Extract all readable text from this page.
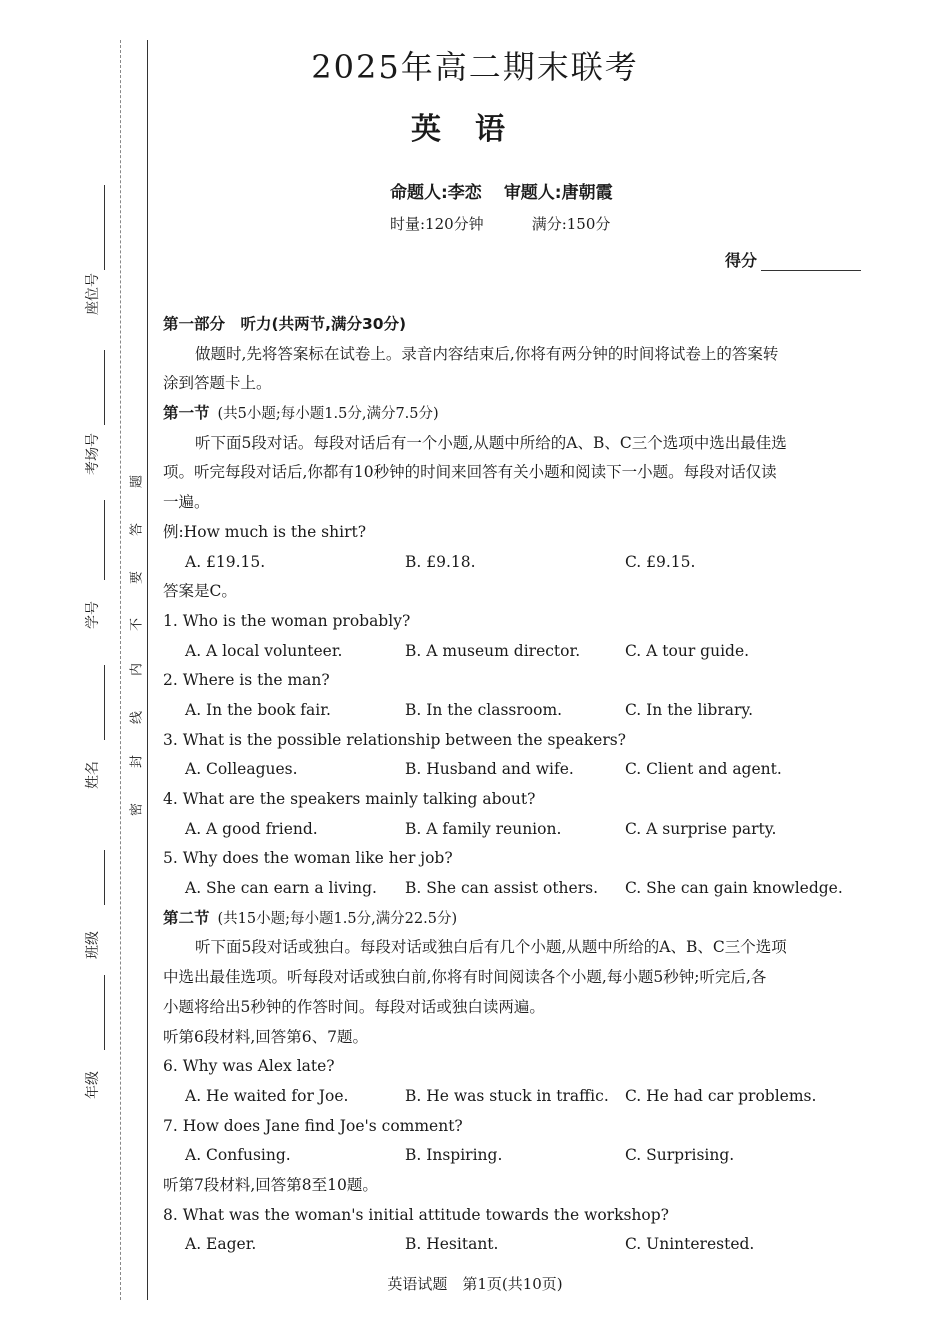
座位号
考场号
学号
姓名
班级
年级
密
封
线
内
不
要
答
题
2025年高二期末联考
英语
命题人:李恋 审题人:唐朝霞
时量:120分钟	满分:150分
得分
第一部分　听力(共两节,满分30分)
做题时,先将答案标在试卷上。录音内容结束后,你将有两分钟的时间将试卷上的答案转
涂到答题卡上。
第一节 (共5小题;每小题1.5分,满分7.5分)
听下面5段对话。每段对话后有一个小题,从题中所给的A、B、C三个选项中选出最佳选
项。听完每段对话后,你都有10秒钟的时间来回答有关小题和阅读下一小题。每段对话仅读
一遍。
例:How much is the shirt?
A. £19.15.	B. £9.18.	C. £9.15.
答案是C。
1. Who is the woman probably?
A. A local volunteer.	B. A museum director.	C. A tour guide.
2. Where is the man?
A. In the book fair.	B. In the classroom.	C. In the library.
3. What is the possible relationship between the speakers?
A. Colleagues.	B. Husband and wife.	C. Client and agent.
4. What are the speakers mainly talking about?
A. A good friend.	B. A family reunion.	C. A surprise party.
5. Why does the woman like her job?
A. She can earn a living.	B. She can assist others.	C. She can gain knowledge.
第二节 (共15小题;每小题1.5分,满分22.5分)
听下面5段对话或独白。每段对话或独白后有几个小题,从题中所给的A、B、C三个选项
中选出最佳选项。听每段对话或独白前,你将有时间阅读各个小题,每小题5秒钟;听完后,各
小题将给出5秒钟的作答时间。每段对话或独白读两遍。
听第6段材料,回答第6、7题。
6. Why was Alex late?
A. He waited for Joe.	B. He was stuck in traffic.	C. He had car problems.
7. How does Jane find Joe's comment?
A. Confusing.	B. Inspiring.	C. Surprising.
听第7段材料,回答第8至10题。
8. What was the woman's initial attitude towards the workshop?
A. Eager.	B. Hesitant.	C. Uninterested.
英语试题　第1页(共10页)
